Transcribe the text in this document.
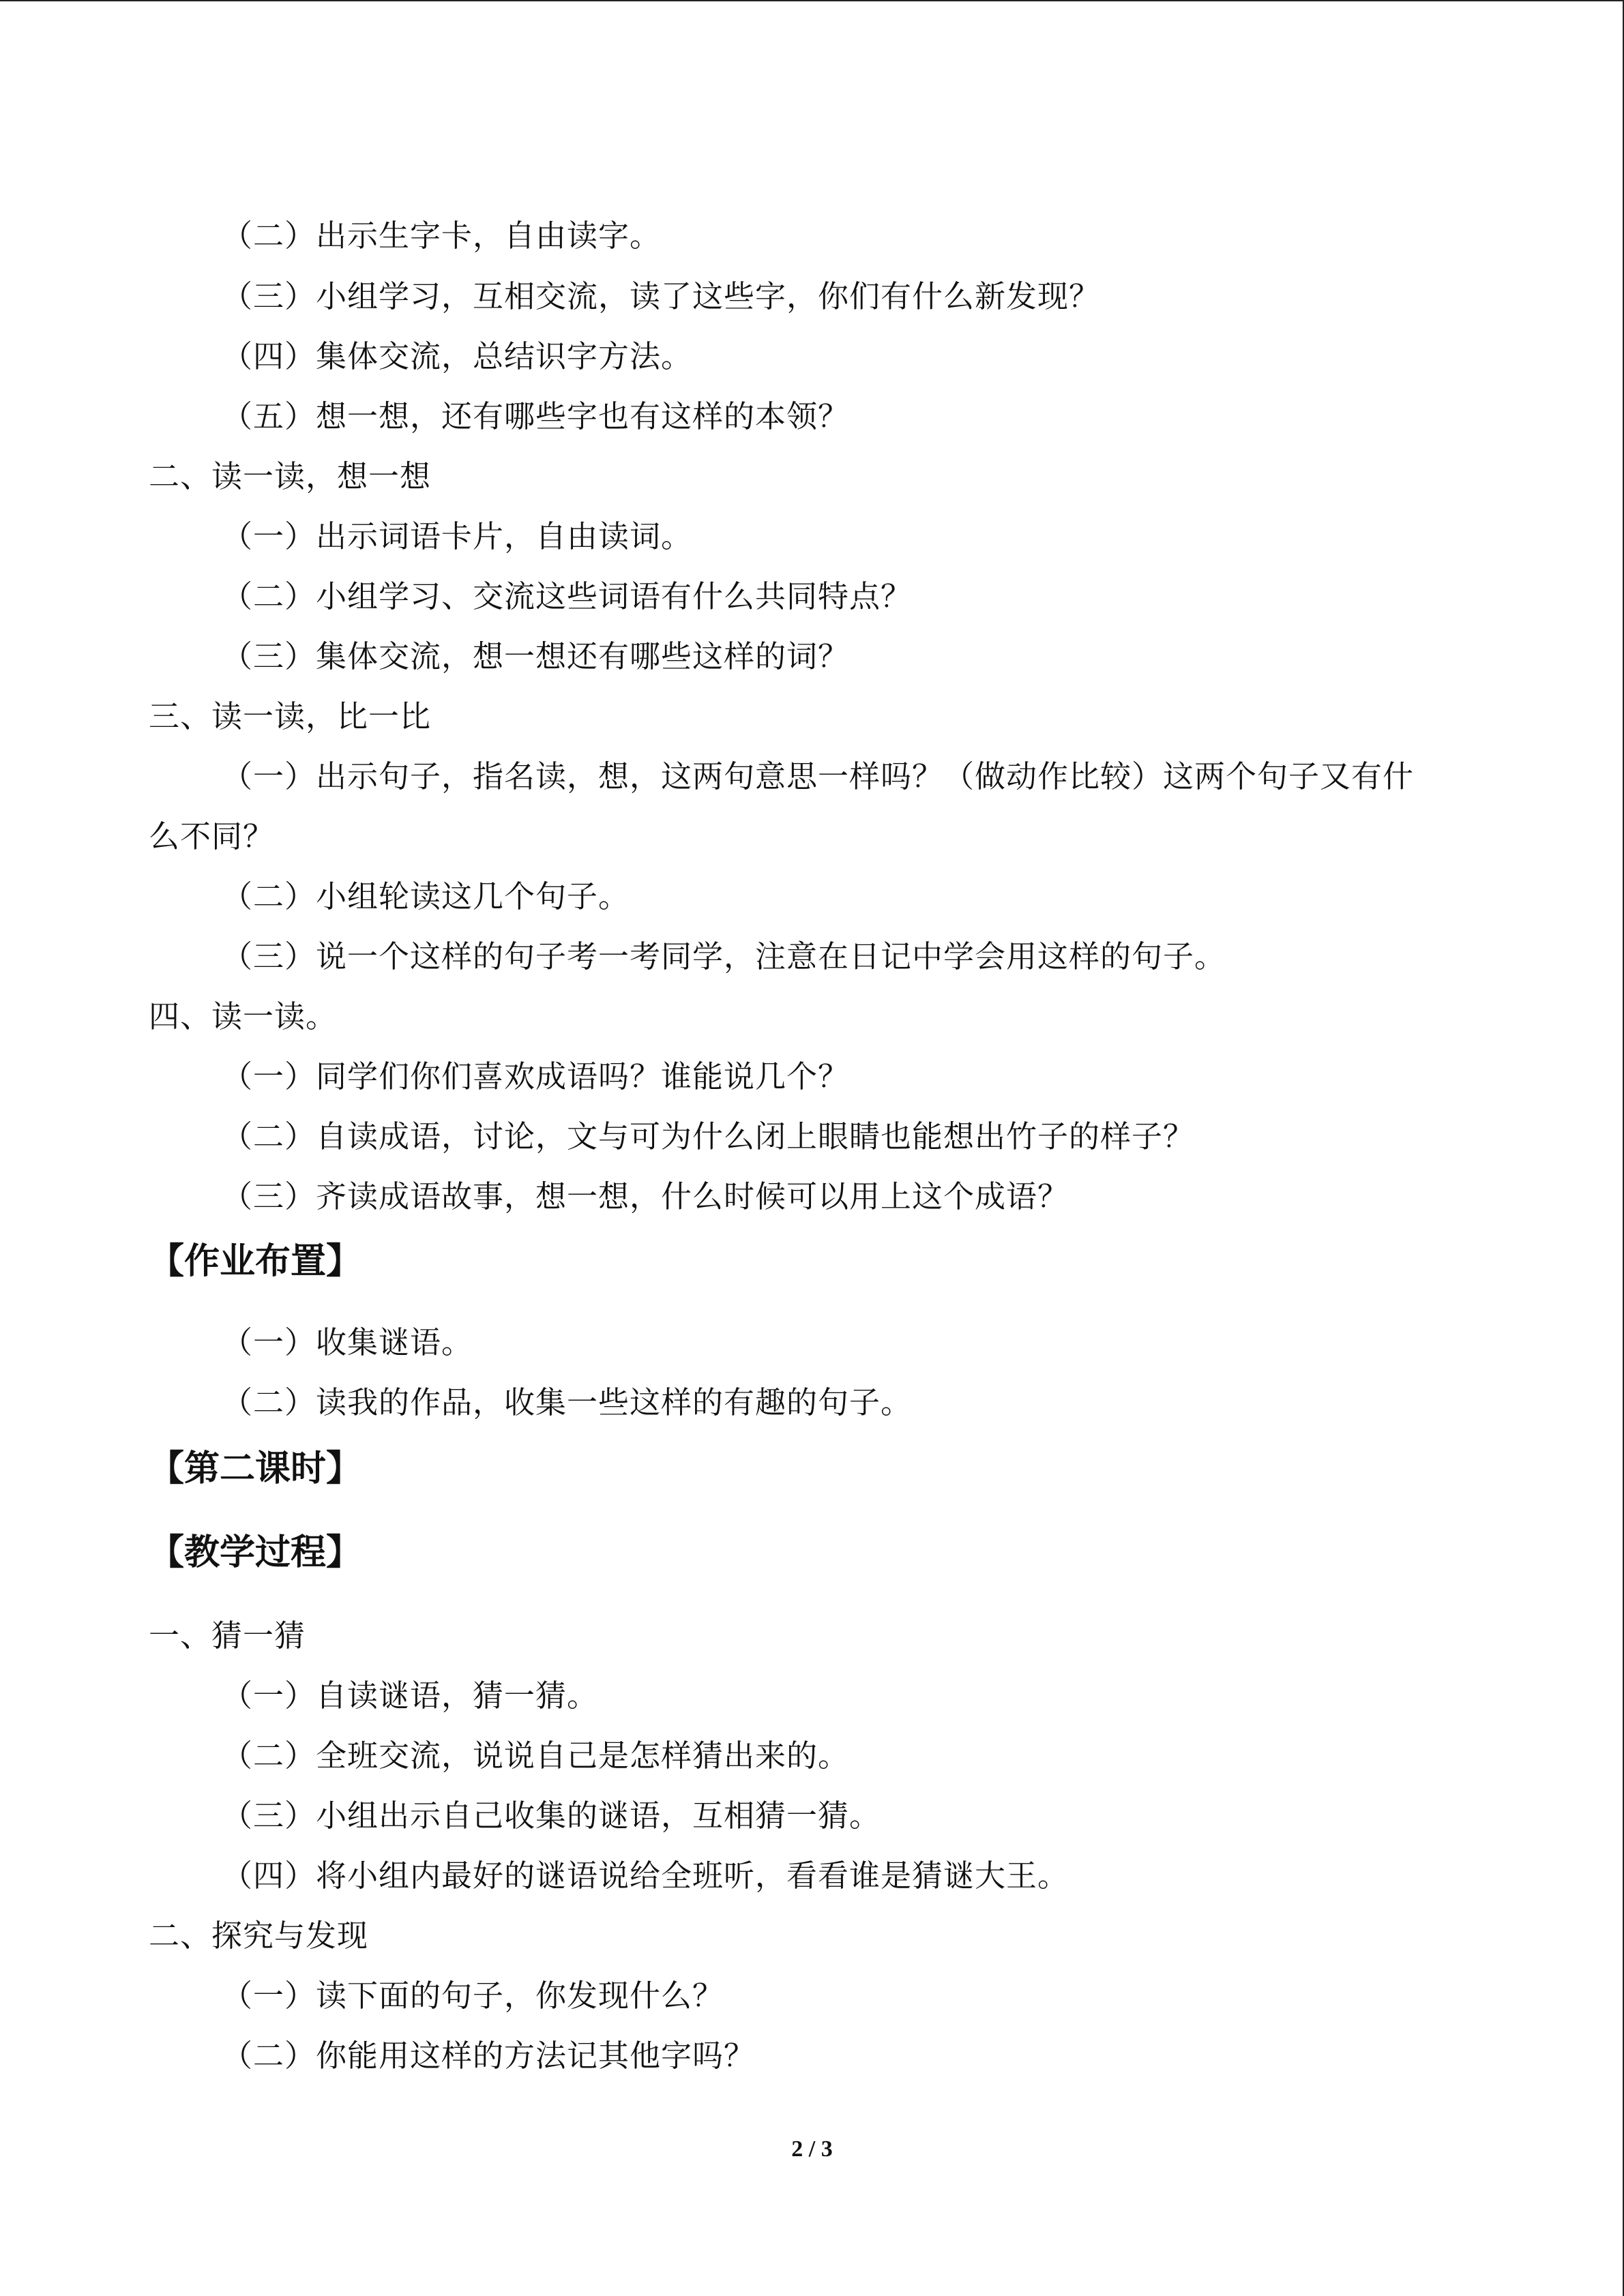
（二）出示生字卡，自由读字。
（三）小组学习，互相交流，读了这些字，你们有什么新发现？
（四）集体交流，总结识字方法。
（五）想一想，还有哪些字也有这样的本领？
二、读一读，想一想
（一）出示词语卡片，自由读词。
（二）小组学习、交流这些词语有什么共同特点？
（三）集体交流，想一想还有哪些这样的词？
三、读一读，比一比
（一）出示句子，指名读，想，这两句意思一样吗？（做动作比较）这两个句子又有什
么不同？
（二）小组轮读这几个句子。
（三）说一个这样的句子考一考同学，注意在日记中学会用这样的句子。
四、读一读。
（一）同学们你们喜欢成语吗？谁能说几个？
（二）自读成语，讨论，文与可为什么闭上眼睛也能想出竹子的样子？
（三）齐读成语故事，想一想，什么时候可以用上这个成语？
【作业布置】
（一）收集谜语。
（二）读我的作品，收集一些这样的有趣的句子。
【第二课时】
【教学过程】
一、猜一猜
（一）自读谜语，猜一猜。
（二）全班交流，说说自己是怎样猜出来的。
（三）小组出示自己收集的谜语，互相猜一猜。
（四）将小组内最好的谜语说给全班听，看看谁是猜谜大王。
二、探究与发现
（一）读下面的句子，你发现什么？
（二）你能用这样的方法记其他字吗？
2 / 3
